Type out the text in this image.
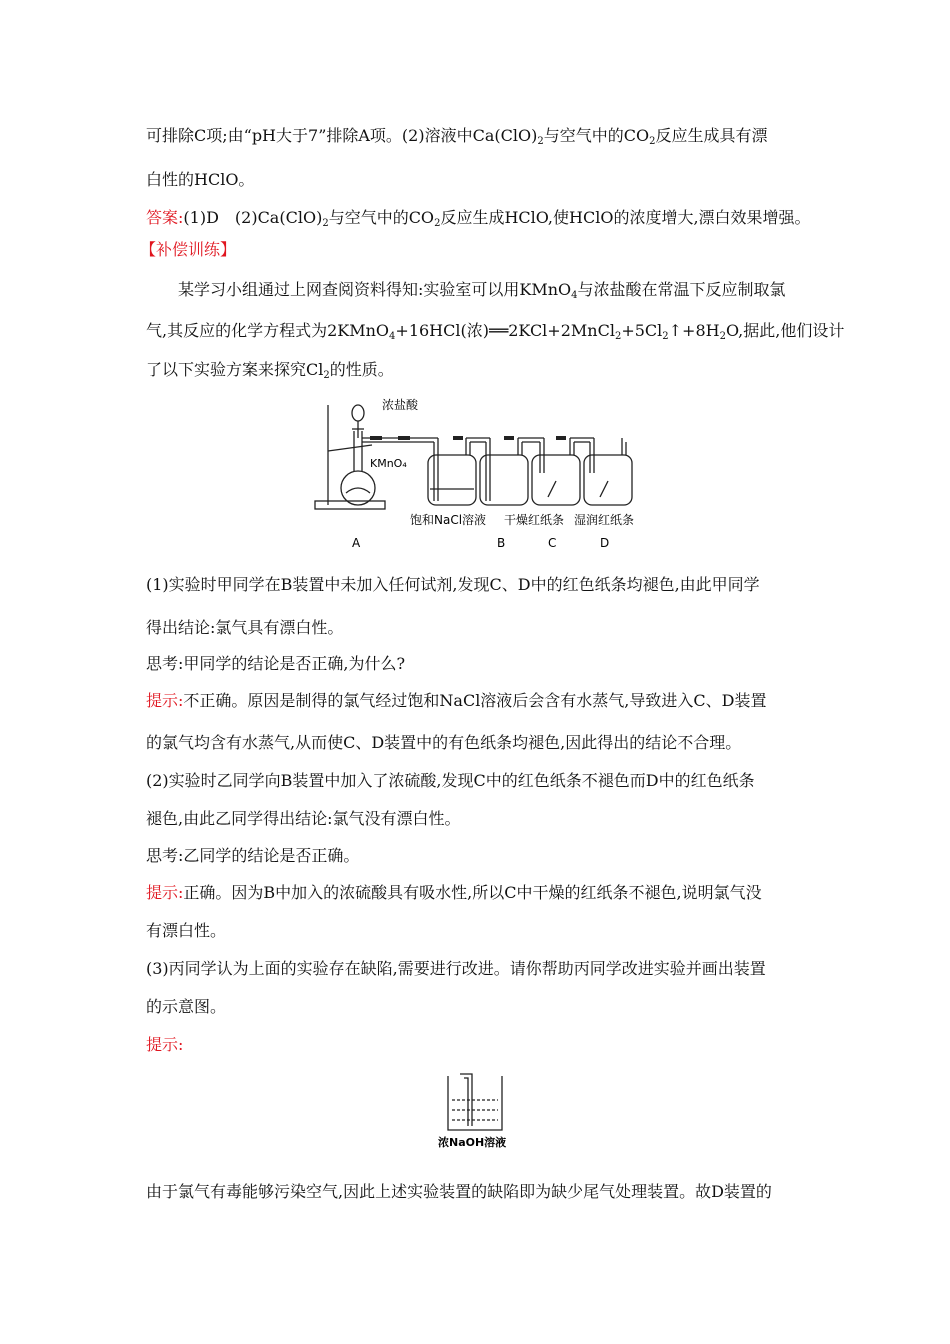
可排除C项;由“pH大于7”排除A项。(2)溶液中$Ca(ClO)_2$与空气中的$CO_2$反应生成具有漂
白性的HClO。
答案:(1)D　$(2)Ca(ClO)_2$与空气中的$CO_2$反应生成HClO,使HClO的浓度增大,漂白效果增强。
【补偿训练】
某学习小组通过上网查阅资料得知:实验室可以用KMnO$_4$与浓盐酸在常温下反应制取氯
气,其反应的化学方程式为2KMnO$_4$+16HCl(浓)$══2KCl+2MnCl_2+5Cl_2↑+8H_2O$,据此,他们设计
了以下实验方案来探究$Cl_2$的性质。
浓盐酸
KMnO₄
饱和NaCl溶液 干燥红纸条 湿润红纸条
A	B	C	D
(1)实验时甲同学在B装置中未加入任何试剂,发现C、D中的红色纸条均褪色,由此甲同学
得出结论:氯气具有漂白性。
思考:甲同学的结论是否正确,为什么?
提示:不正确。原因是制得的氯气经过饱和NaCl溶液后会含有水蒸气,导致进入C、D装置
的氯气均含有水蒸气,从而使C、D装置中的有色纸条均褪色,因此得出的结论不合理。
(2)实验时乙同学向B装置中加入了浓硫酸,发现C中的红色纸条不褪色而D中的红色纸条
褪色,由此乙同学得出结论:氯气没有漂白性。
思考:乙同学的结论是否正确。
提示:正确。因为B中加入的浓硫酸具有吸水性,所以C中干燥的红纸条不褪色,说明氯气没
有漂白性。
(3)丙同学认为上面的实验存在缺陷,需要进行改进。请你帮助丙同学改进实验并画出装置
的示意图。
提示:
浓NaOH溶液
由于氯气有毒能够污染空气,因此上述实验装置的缺陷即为缺少尾气处理装置。故D装置的
